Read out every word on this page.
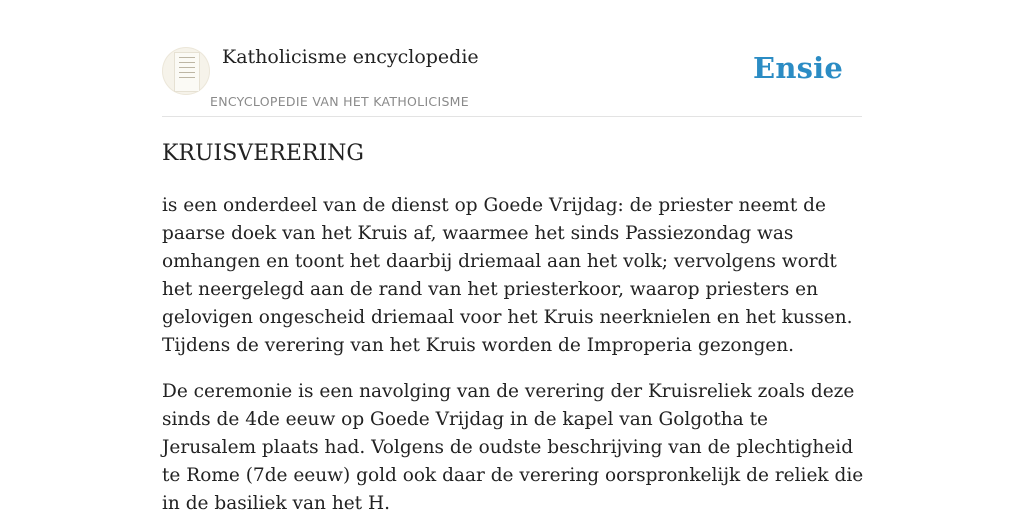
Katholicisme encyclopedie
ENCYCLOPEDIE VAN HET KATHOLICISME
Ensie
KRUISVERERING

is een onderdeel van de dienst op Goede Vrijdag: de priester neemt de paarse doek van het Kruis af, waarmee het sinds Passiezondag was omhangen en toont het daarbij driemaal aan het volk; vervolgens wordt het neergelegd aan de rand van het priesterkoor, waarop priesters en gelovigen ongescheid driemaal voor het Kruis neerknielen en het kussen. Tijdens de verering van het Kruis worden de Improperia gezongen.

De ceremonie is een navolging van de verering der Kruisreliek zoals deze sinds de 4de eeuw op Goede Vrijdag in de kapel van Golgotha te Jerusalem plaats had. Volgens de oudste beschrijving van de plechtigheid te Rome (7de eeuw) gold ook daar de verering oorspronkelijk de reliek die in de basiliek van het H.
